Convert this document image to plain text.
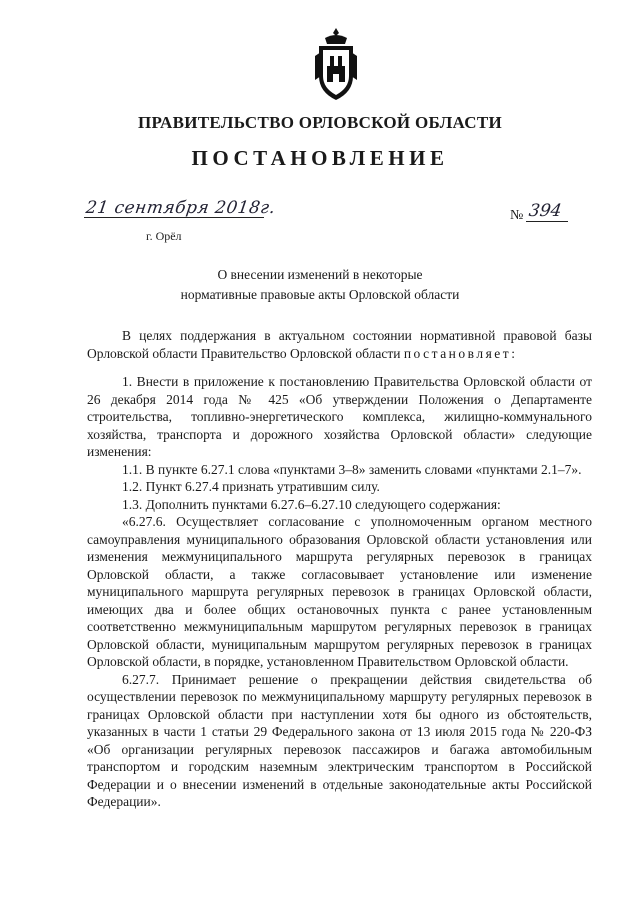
ПРАВИТЕЛЬСТВО ОРЛОВСКОЙ ОБЛАСТИ
ПОСТАНОВЛЕНИЕ
21 сентября 2018г.
г. Орёл
№ 394
О внесении изменений в некоторые
нормативные правовые акты Орловской области

В целях поддержания в актуальном состоянии нормативной правовой базы Орловской области Правительство Орловской области постановляет:

1. Внести в приложение к постановлению Правительства Орловской области от 26 декабря 2014 года № 425 «Об утверждении Положения о Департаменте строительства, топливно-энергетического комплекса, жилищно-коммунального хозяйства, транспорта и дорожного хозяйства Орловской области» следующие изменения:

1.1. В пункте 6.27.1 слова «пунктами 3–8» заменить словами «пунктами 2.1–7».

1.2. Пункт 6.27.4 признать утратившим силу.

1.3. Дополнить пунктами 6.27.6–6.27.10 следующего содержания:

«6.27.6. Осуществляет согласование с уполномоченным органом местного самоуправления муниципального образования Орловской области установления или изменения межмуниципального маршрута регулярных перевозок в границах Орловской области, а также согласовывает установление или изменение муниципального маршрута регулярных перевозок в границах Орловской области, имеющих два и более общих остановочных пункта с ранее установленным соответственно межмуниципальным маршрутом регулярных перевозок в границах Орловской области, муниципальным маршрутом регулярных перевозок в границах Орловской области, в порядке, установленном Правительством Орловской области.

6.27.7. Принимает решение о прекращении действия свидетельства об осуществлении перевозок по межмуниципальному маршруту регулярных перевозок в границах Орловской области при наступлении хотя бы одного из обстоятельств, указанных в части 1 статьи 29 Федерального закона от 13 июля 2015 года № 220-ФЗ «Об организации регулярных перевозок пассажиров и багажа автомобильным транспортом и городским наземным электрическим транспортом в Российской Федерации и о внесении изменений в отдельные законодательные акты Российской Федерации».
